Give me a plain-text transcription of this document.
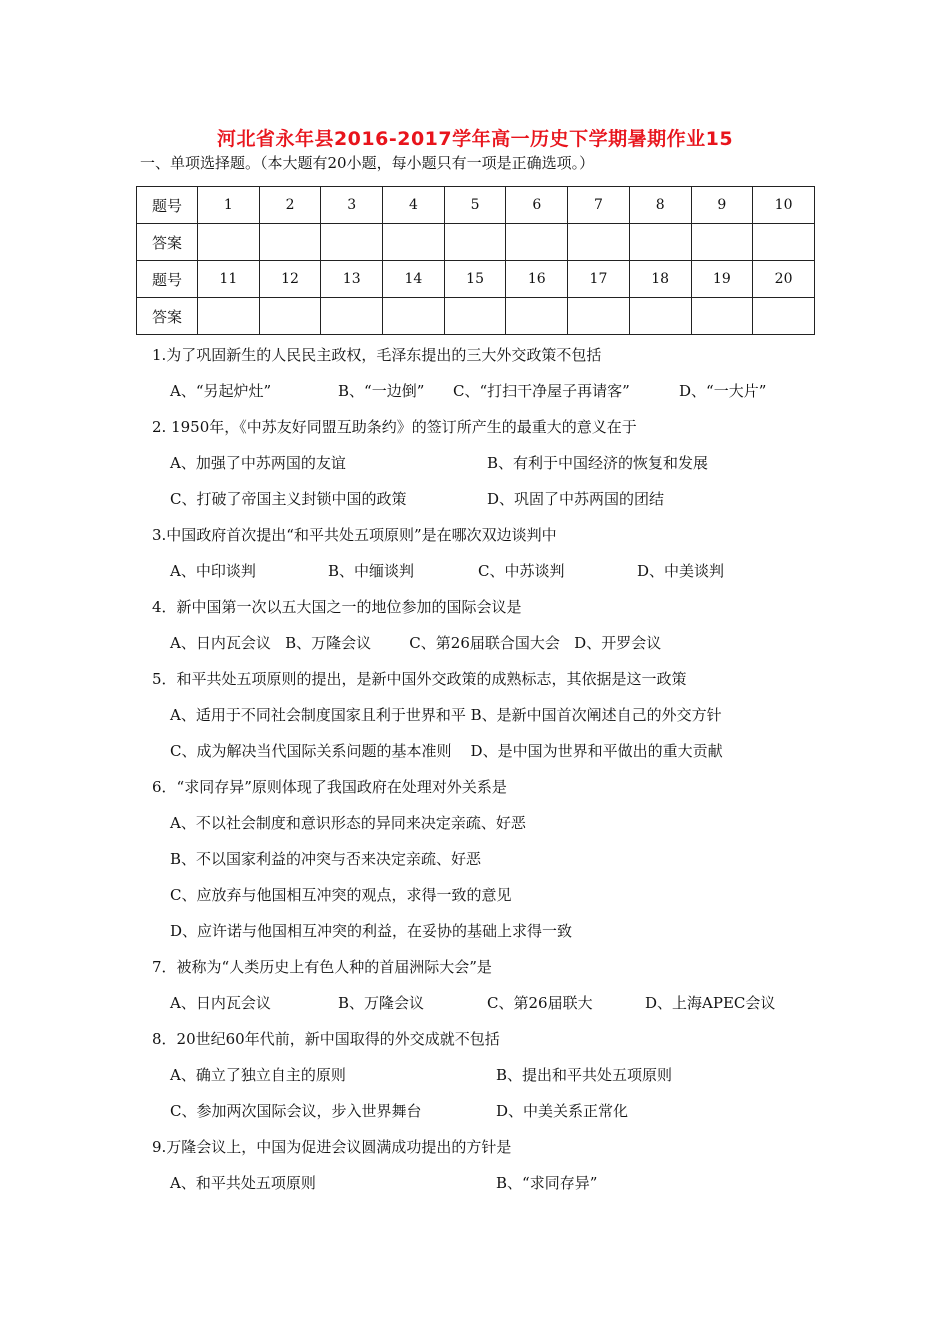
河北省永年县2016-2017学年高一历史下学期暑期作业15
一、单项选择题。（本大题有20小题，每小题只有一项是正确选项。）
题号	1	2	3	4	5	6	7	8	9	10
答案										
题号	11	12	13	14	15	16	17	18	19	20
答案										
1.为了巩固新生的人民民主政权，毛泽东提出的三大外交政策不包括
A、“另起炉灶”	B、“一边倒” C、“打扫干净屋子再请客”	D、“一大片”
2. 1950年，《中苏友好同盟互助条约》的签订所产生的最重大的意义在于
A、加强了中苏两国的友谊	B、有利于中国经济的恢复和发展
C、打破了帝国主义封锁中国的政策	D、巩固了中苏两国的团结
3.中国政府首次提出“和平共处五项原则”是在哪次双边谈判中
A、中印谈判	B、中缅谈判	C、中苏谈判	D、中美谈判
4．新中国第一次以五大国之一的地位参加的国际会议是
A、日内瓦会议   B、万隆会议        C、第26届联合国大会   D、开罗会议
5．和平共处五项原则的提出，是新中国外交政策的成熟标志，其依据是这一政策
A、适用于不同社会制度国家且利于世界和平 B、是新中国首次阐述自己的外交方针
C、成为解决当代国际关系问题的基本准则    D、是中国为世界和平做出的重大贡献
6．“求同存异”原则体现了我国政府在处理对外关系是
A、不以社会制度和意识形态的异同来决定亲疏、好恶
B、不以国家利益的冲突与否来决定亲疏、好恶
C、应放弃与他国相互冲突的观点，求得一致的意见
D、应许诺与他国相互冲突的利益，在妥协的基础上求得一致
7．被称为“人类历史上有色人种的首届洲际大会”是
A、日内瓦会议	B、万隆会议	C、第26届联大	D、上海APEC会议
8．20世纪60年代前，新中国取得的外交成就不包括
A、确立了独立自主的原则	B、提出和平共处五项原则
C、参加两次国际会议，步入世界舞台	D、中美关系正常化
9.万隆会议上，中国为促进会议圆满成功提出的方针是
A、和平共处五项原则	B、“求同存异”
